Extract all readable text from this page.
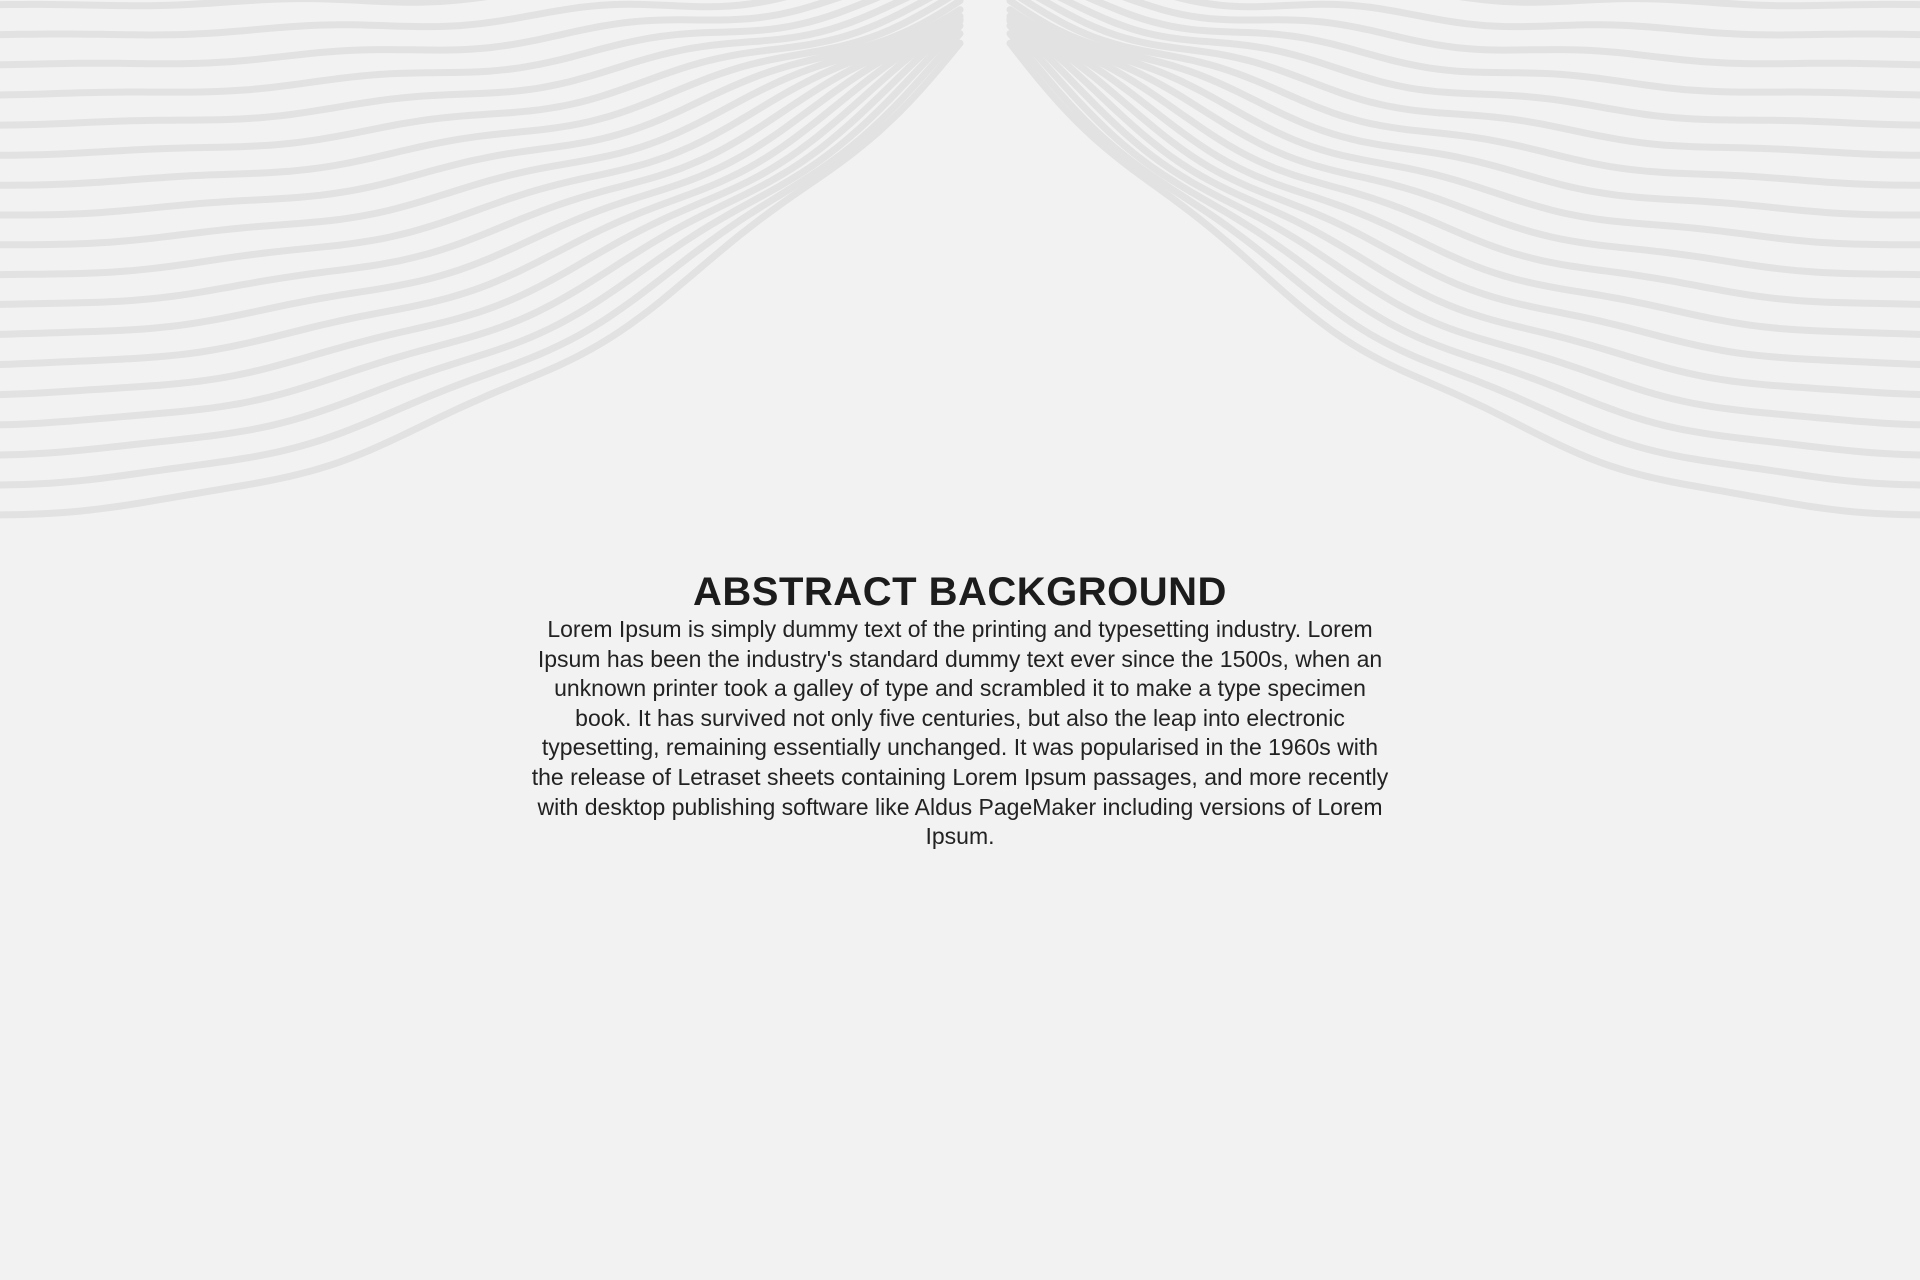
ABSTRACT BACKGROUND
Lorem Ipsum is simply dummy text of the printing and typesetting industry. Lorem
Ipsum has been the industry's standard dummy text ever since the 1500s, when an
unknown printer took a galley of type and scrambled it to make a type specimen
book. It has survived not only five centuries, but also the leap into electronic
typesetting, remaining essentially unchanged. It was popularised in the 1960s with
the release of Letraset sheets containing Lorem Ipsum passages, and more recently
with desktop publishing software like Aldus PageMaker including versions of Lorem
Ipsum.
